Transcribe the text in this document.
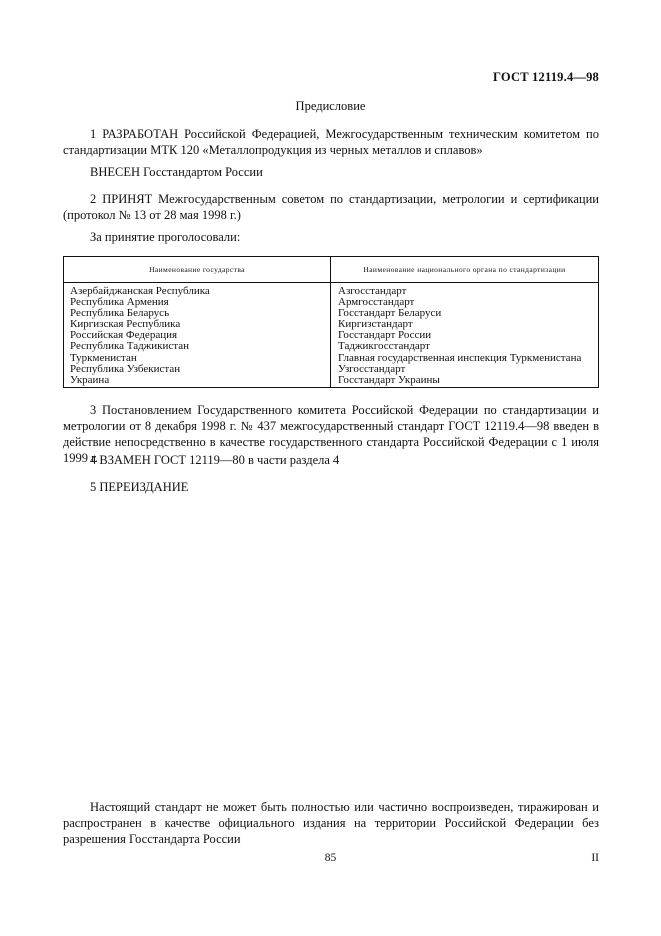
ГОСТ 12119.4—98
Предисловие
1 РАЗРАБОТАН Российской Федерацией, Межгосударственным техническим комитетом по стандартизации МТК 120 «Металлопродукция из черных металлов и сплавов»
ВНЕСЕН Госстандартом России
2 ПРИНЯТ Межгосударственным советом по стандартизации, метрологии и сертификации (протокол № 13 от 28 мая 1998 г.)
За принятие проголосовали:
Наименование государства	Наименование национального органа по стандартизации
Азербайджанская Республика
Республика Армения
Республика Беларусь
Киргизская Республика
Российская Федерация
Республика Таджикистан
Туркменистан
Республика Узбекистан
Украина
Азгосстандарт
Армгосстандарт
Госстандарт Беларуси
Киргизстандарт
Госстандарт России
Таджикгосстандарт
Главная государственная инспекция Туркменистана
Узгосстандарт
Госстандарт Украины
3 Постановлением Государственного комитета Российской Федерации по стандартизации и метрологии от 8 декабря 1998 г. № 437 межгосударственный стандарт ГОСТ 12119.4—98 введен в действие непосредственно в качестве государственного стандарта Российской Федерации с 1 июля 1999 г.
4 ВЗАМЕН ГОСТ 12119—80 в части раздела 4
5 ПЕРЕИЗДАНИЕ
Настоящий стандарт не может быть полностью или частично воспроизведен, тиражирован и распространен в качестве официального издания на территории Российской Федерации без разрешения Госстандарта России
85	II
